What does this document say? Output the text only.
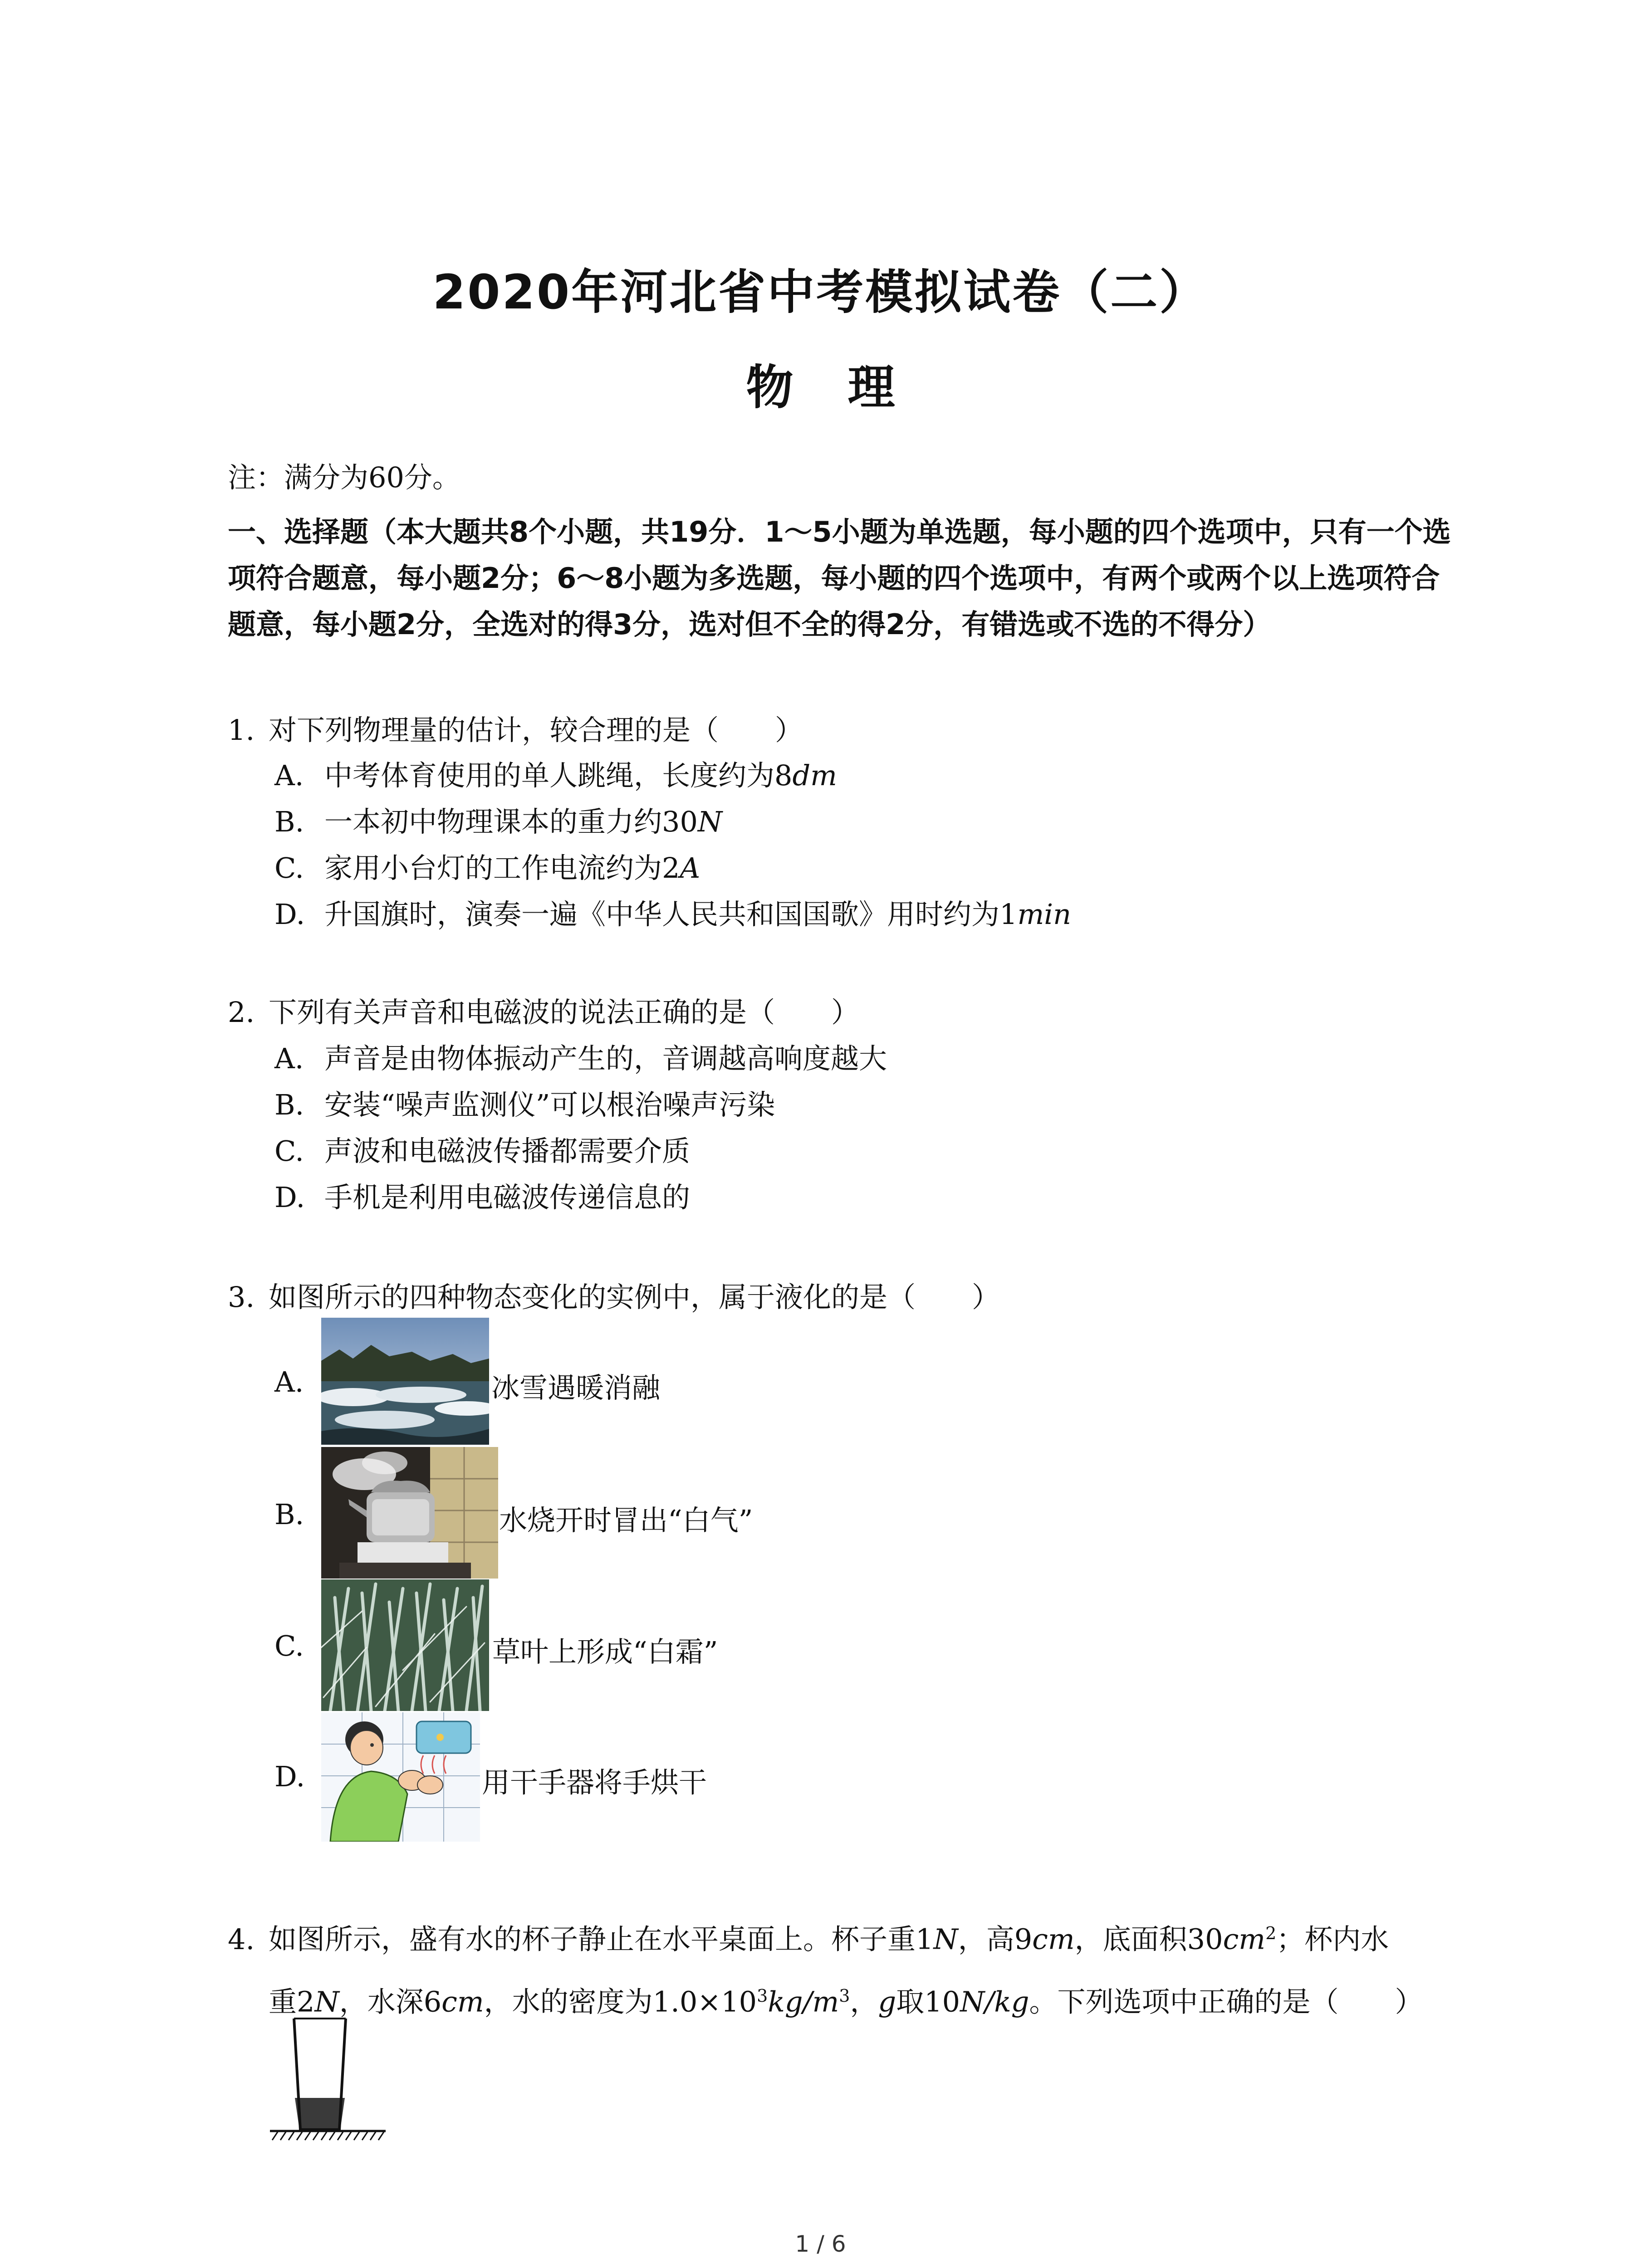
2020年河北省中考模拟试卷（二）
物理
注：满分为60分。
一、选择题（本大题共8个小题，共19分．1～5小题为单选题，每小题的四个选项中，只有一个选项符合题意，每小题2分；6～8小题为多选题，每小题的四个选项中，有两个或两个以上选项符合题意，每小题2分，全选对的得3分，选对但不全的得2分，有错选或不选的不得分）
1. 对下列物理量的估计，较合理的是（　　）
A. 中考体育使用的单人跳绳，长度约为8dm
B. 一本初中物理课本的重力约30N
C. 家用小台灯的工作电流约为2A
D. 升国旗时，演奏一遍《中华人民共和国国歌》用时约为1min
2. 下列有关声音和电磁波的说法正确的是（　　）
A. 声音是由物体振动产生的，音调越高响度越大
B. 安装“噪声监测仪”可以根治噪声污染
C. 声波和电磁波传播都需要介质
D. 手机是利用电磁波传递信息的
3. 如图所示的四种物态变化的实例中，属于液化的是（　　）
A.	冰雪遇暖消融
B.	水烧开时冒出“白气”
C.	草叶上形成“白霜”
D.	用干手器将手烘干
4. 如图所示，盛有水的杯子静止在水平桌面上。杯子重1N，高9cm，底面积$30cm^2$；杯内水
重2N，水深6cm，水的密度为$1.0\times 10^3kg/m^3$，g取10N/kg。下列选项中正确的是（　　）
1 / 6
